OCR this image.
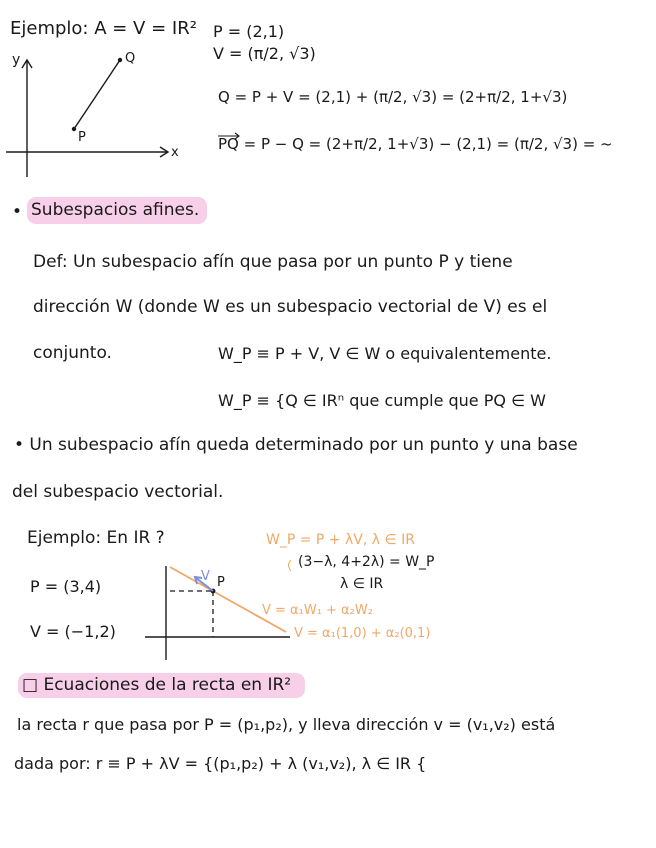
Ejemplo: A = V = IR² P = (2,1)
V = (π/2, √3)
Q = P + V = (2,1) + (π/2, √3) = (2+π/2, 1+√3)
PQ = P − Q = (2+π/2, 1+√3) − (2,1) = (π/2, √3) = ~
y
x
P
Q
• Subespacios afines.
Def: Un subespacio afín que pasa por un punto P y tiene
dirección W (donde W es un subespacio vectorial de V) es el
conjunto.	W_P ≡ P + V, V ∈ W o equivalentemente.
W_P ≡ {Q ∈ IRⁿ que cumple que PQ ∈ W
• Un subespacio afín queda determinado por un punto y una base
del subespacio vectorial.
Ejemplo: En IR ?
P = (3,4)
V = (−1,2)
W_P = P + λV, λ ∈ IR
(3−λ, 4+2λ) = W_P
λ ∈ IR
V = α₁W₁ + α₂W₂
V = α₁(1,0) + α₂(0,1)
P
V
□ Ecuaciones de la recta en IR²
la recta r que pasa por P = (p₁,p₂), y lleva dirección v = (v₁,v₂) está
dada por: r ≡ P + λV = {(p₁,p₂) + λ (v₁,v₂), λ ∈ IR {
